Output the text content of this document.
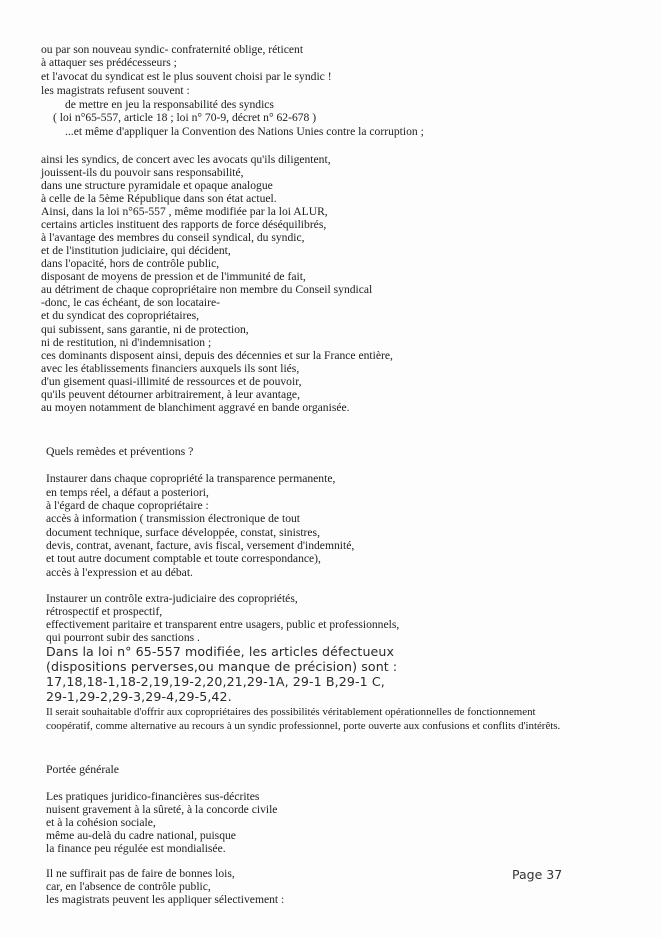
ou par son nouveau syndic- confraternité oblige, réticent
à attaquer ses prédécesseurs ;
et l'avocat du syndicat est le plus souvent choisi par le syndic !
les magistrats refusent souvent :
de mettre en jeu la responsabilité des syndics
( loi n°65-557, article 18 ; loi n° 70-9, décret n° 62-678 )
...et même d'appliquer la Convention des Nations Unies contre la corruption ;
ainsi les syndics, de concert avec les avocats qu'ils diligentent,
jouissent-ils du pouvoir sans responsabilité,
dans une structure pyramidale et opaque analogue
à celle de la 5ème République dans son état actuel.
Ainsi, dans la loi n°65-557 , même modifiée par la loi ALUR,
certains articles instituent des rapports de force déséquilibrés,
à l'avantage des membres du conseil syndical, du syndic,
et de l'institution judiciaire, qui décident,
dans l'opacité, hors de contrôle public,
disposant de moyens de pression et de l'immunité de fait,
au détriment de chaque copropriétaire non membre du Conseil syndical
-donc, le cas échéant, de son locataire-
et du syndicat des copropriétaires,
qui subissent, sans garantie, ni de protection,
ni de restitution, ni d'indemnisation ;
ces dominants disposent ainsi, depuis des décennies et sur la France entière,
avec les établissements financiers auxquels ils sont liés,
d'un gisement quasi-illimité de ressources et de pouvoir,
qu'ils peuvent détourner arbitrairement, à leur avantage,
au moyen notamment de blanchiment aggravé en bande organisée.
Quels remèdes et préventions ?
Instaurer dans chaque copropriété la transparence permanente,
en temps réel, a défaut a posteriori,
à l'égard de chaque copropriétaire :
accès à information ( transmission électronique de tout
document technique, surface développée, constat, sinistres,
devis, contrat, avenant, facture, avis fiscal, versement d'indemnité,
et tout autre document comptable et toute correspondance),
accès à l'expression et au débat.
Instaurer un contrôle extra-judiciaire des copropriétés,
rétrospectif et prospectif,
effectivement paritaire et transparent entre usagers, public et professionnels,
qui pourront subir des sanctions .
Dans la loi n° 65-557 modifiée, les articles défectueux
(dispositions perverses,ou manque de précision) sont :
17,18,18-1,18-2,19,19-2,20,21,29-1A, 29-1 B,29-1 C,
29-1,29-2,29-3,29-4,29-5,42.
Il serait souhaitable d'offrir aux copropriétaires des possibilités véritablement opérationnelles de fonctionnement
coopératif, comme alternative au recours à un syndic professionnel, porte ouverte aux confusions et conflits d'intérêts.
Portée générale
Les pratiques juridico-financières sus-décrites
nuisent gravement à la sûreté, à la concorde civile
et à la cohésion sociale,
même au-delà du cadre national, puisque
la finance peu régulée est mondialisée.
Il ne suffirait pas de faire de bonnes lois,
car, en l'absence de contrôle public,
les magistrats peuvent les appliquer sélectivement :
Page 37
